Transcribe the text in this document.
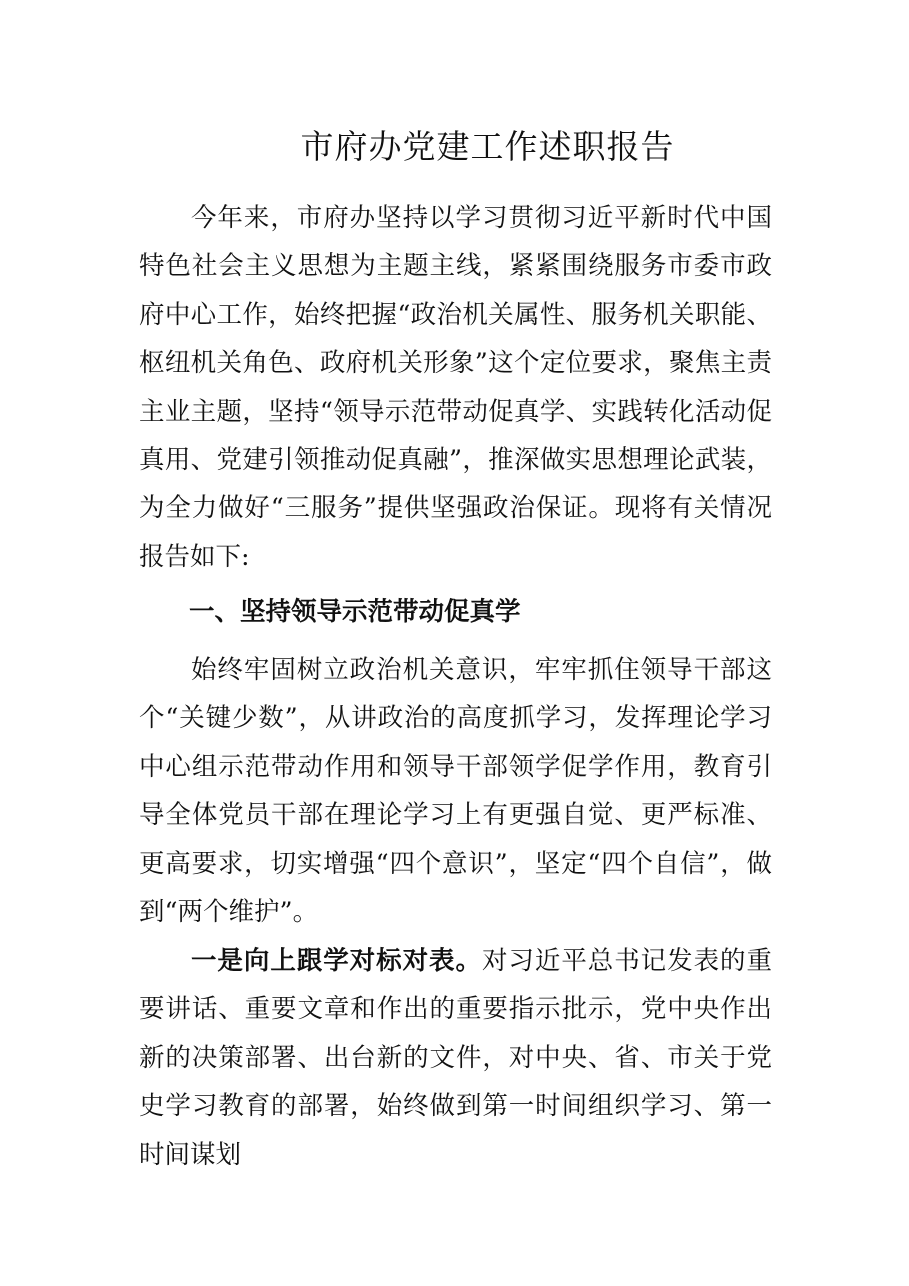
市府办党建工作述职报告
今年来，市府办坚持以学习贯彻习近平新时代中国特色社会主义思想为主题主线，紧紧围绕服务市委市政府中心工作，始终把握“政治机关属性、服务机关职能、枢纽机关角色、政府机关形象”这个定位要求，聚焦主责主业主题，坚持“领导示范带动促真学、实践转化活动促真用、党建引领推动促真融”，推深做实思想理论武装，为全力做好“三服务”提供坚强政治保证。现将有关情况报告如下:
一、坚持领导示范带动促真学
始终牢固树立政治机关意识，牢牢抓住领导干部这个“关键少数”，从讲政治的高度抓学习，发挥理论学习中心组示范带动作用和领导干部领学促学作用，教育引导全体党员干部在理论学习上有更强自觉、更严标准、更高要求，切实增强“四个意识”，坚定“四个自信”，做到“两个维护”。
一是向上跟学对标对表。对习近平总书记发表的重要讲话、重要文章和作出的重要指示批示，党中央作出新的决策部署、出台新的文件，对中央、省、市关于党史学习教育的部署，始终做到第一时间组织学习、第一时间谋划
